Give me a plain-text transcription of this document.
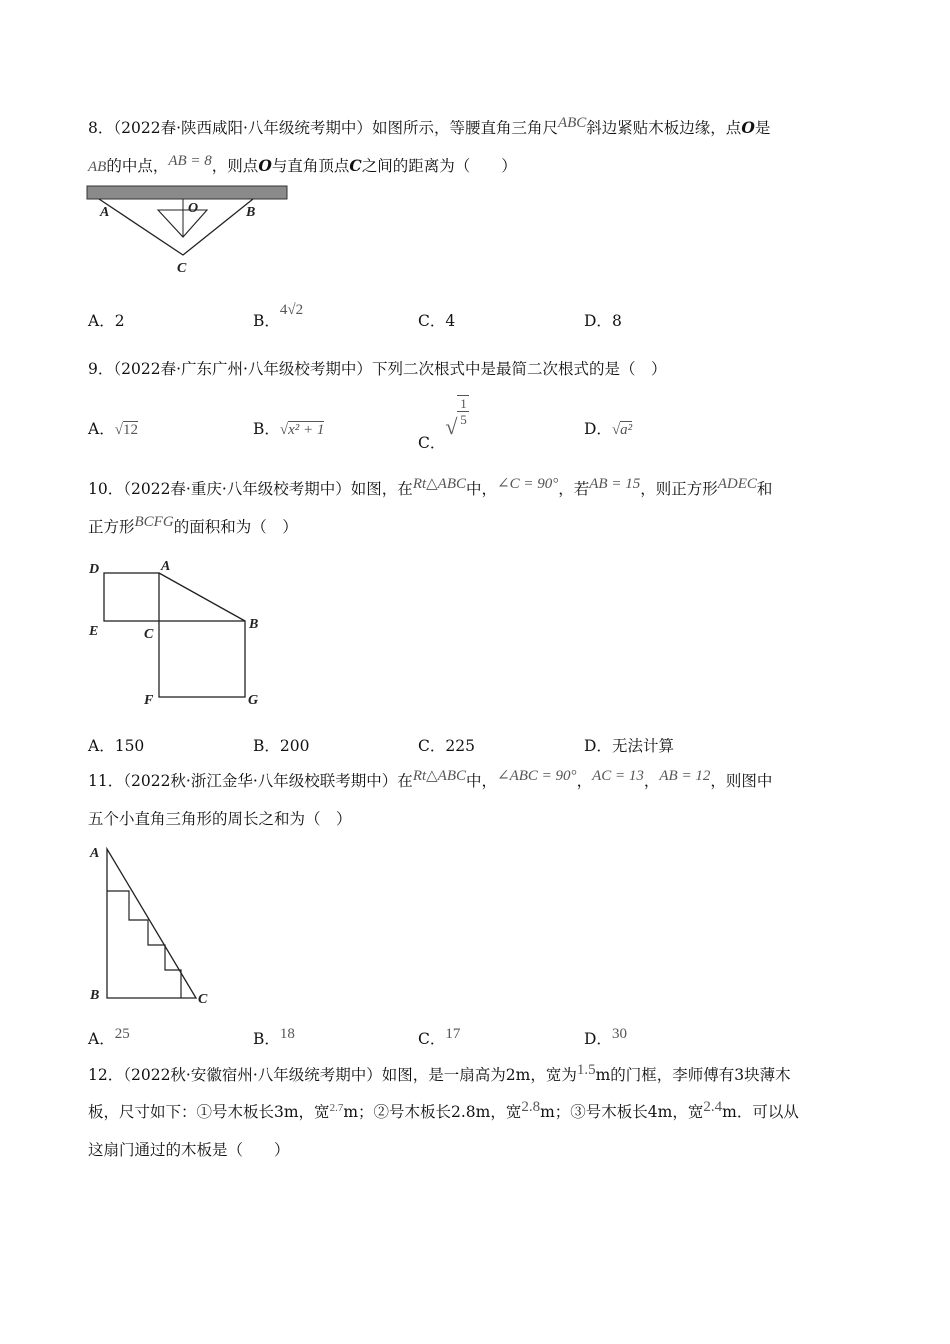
8．（2022春·陕西咸阳·八年级统考期中）如图所示，等腰直角三角尺ABC斜边紧贴木板边缘，点O是
AB的中点，AB = 8，则点O与直角顶点C之间的距离为（　　）
A	O	B
C
A．2	B．4√2
C．4	D．8
9．（2022春·广东广州·八年级校考期中）下列二次根式中是最简二次根式的是（　）
A．√12	B．√x² + 1
C．√ $\frac{1}{5}$
D．√a²
10．（2022春·重庆·八年级校考期中）如图，在Rt△ABC中，∠C = 90°，若AB = 15，则正方形ADEC和
正方形BCFG的面积和为（　）
D	A
E	C
B
F	G
A．150	B．200	C．225	D．无法计算
11．（2022秋·浙江金华·八年级校联考期中）在Rt△ABC中，∠ABC = 90°，AC = 13，AB = 12，则图中
五个小直角三角形的周长之和为（　）
A
B	C
A．25	B．18	C．17	D．30
12．（2022秋·安徽宿州·八年级统考期中）如图，是一扇高为2m，宽为1.5m的门框，李师傅有3块薄木
板，尺寸如下：①号木板长3m，宽$^{2.7}$m；②号木板长2.8m，宽2.8m；③号木板长4m，宽2.4m．可以从
这扇门通过的木板是（　　）
